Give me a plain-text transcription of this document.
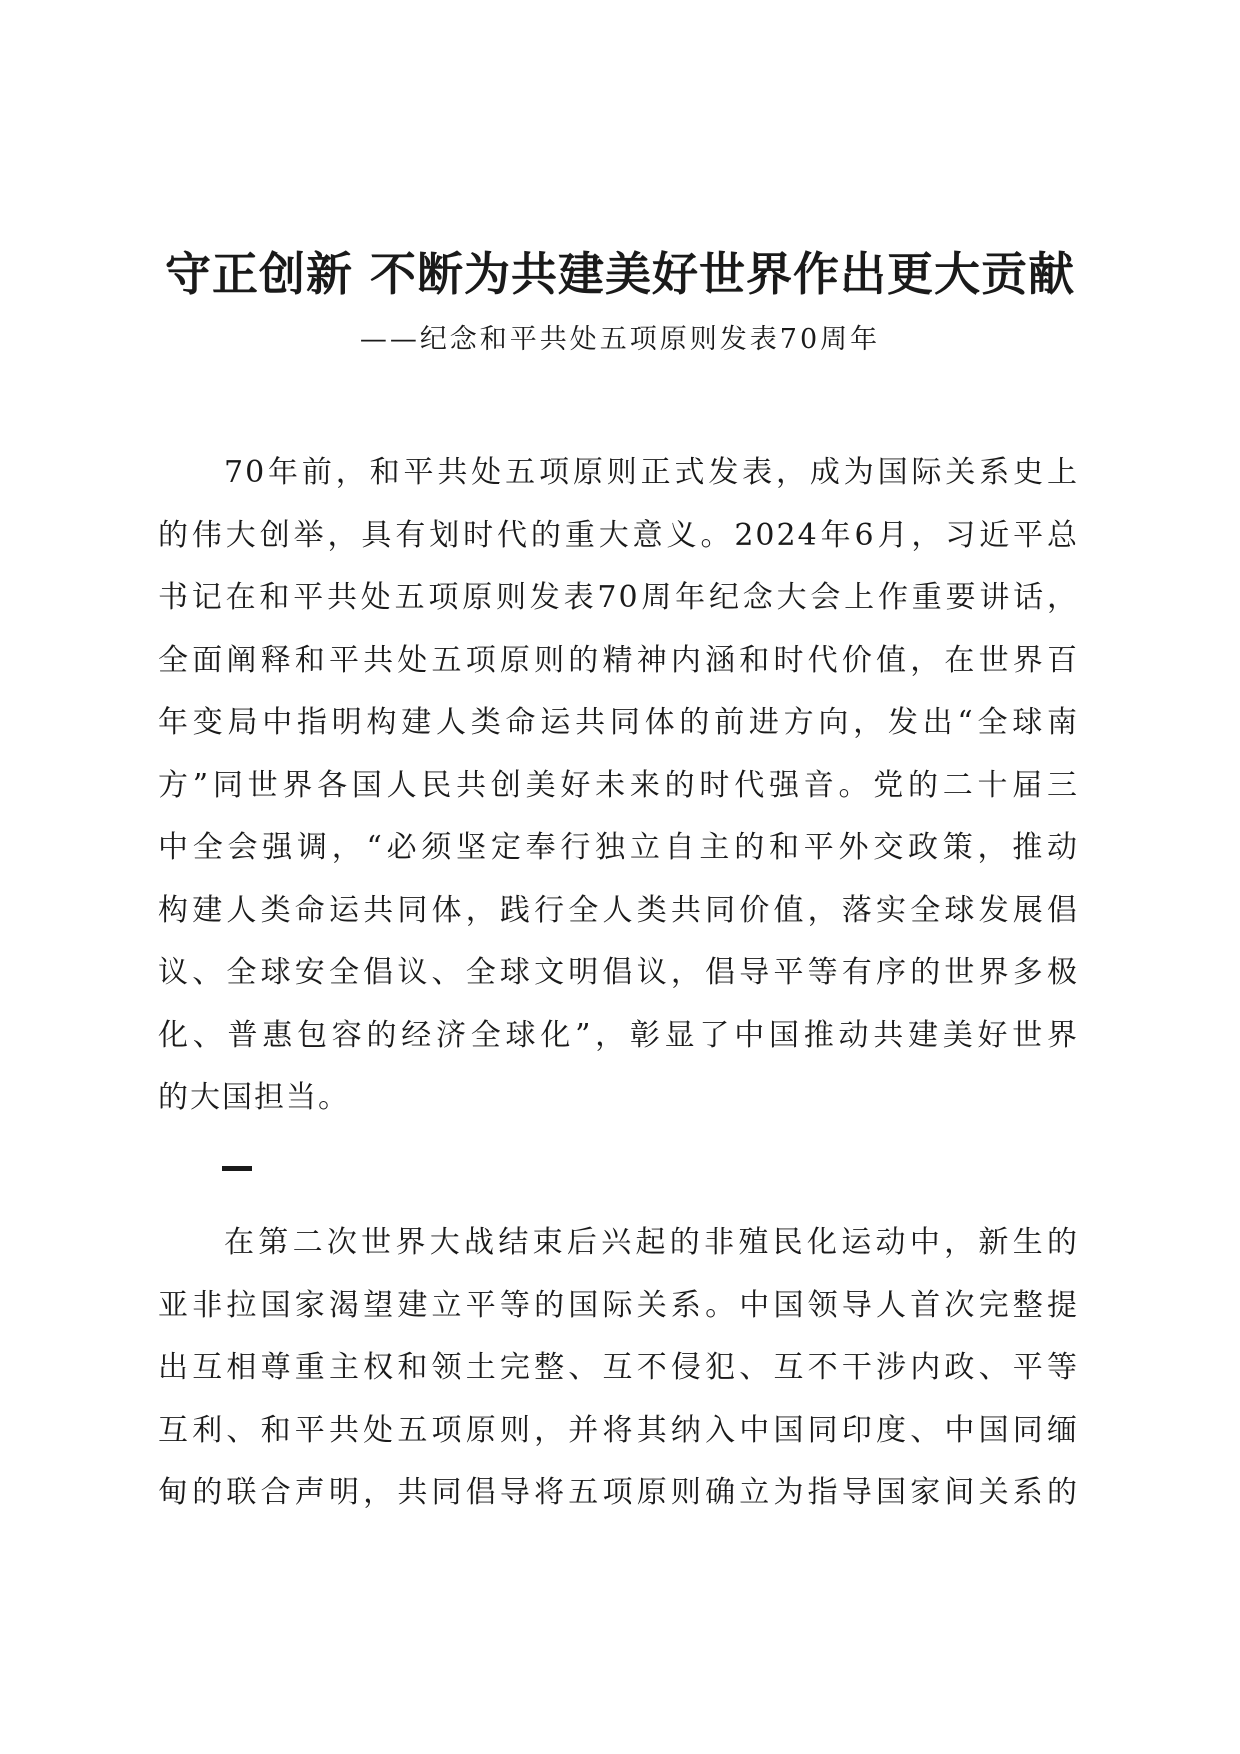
守正创新 不断为共建美好世界作出更大贡献
——纪念和平共处五项原则发表70周年
70年前，和平共处五项原则正式发表，成为国际关系史上
的伟大创举，具有划时代的重大意义。2024年6月，习近平总
书记在和平共处五项原则发表70周年纪念大会上作重要讲话，
全面阐释和平共处五项原则的精神内涵和时代价值，在世界百
年变局中指明构建人类命运共同体的前进方向，发出“全球南
方”同世界各国人民共创美好未来的时代强音。党的二十届三
中全会强调，“必须坚定奉行独立自主的和平外交政策，推动
构建人类命运共同体，践行全人类共同价值，落实全球发展倡
议、全球安全倡议、全球文明倡议，倡导平等有序的世界多极
化、普惠包容的经济全球化”，彰显了中国推动共建美好世界
的大国担当。
在第二次世界大战结束后兴起的非殖民化运动中，新生的
亚非拉国家渴望建立平等的国际关系。中国领导人首次完整提
出互相尊重主权和领土完整、互不侵犯、互不干涉内政、平等
互利、和平共处五项原则，并将其纳入中国同印度、中国同缅
甸的联合声明，共同倡导将五项原则确立为指导国家间关系的
